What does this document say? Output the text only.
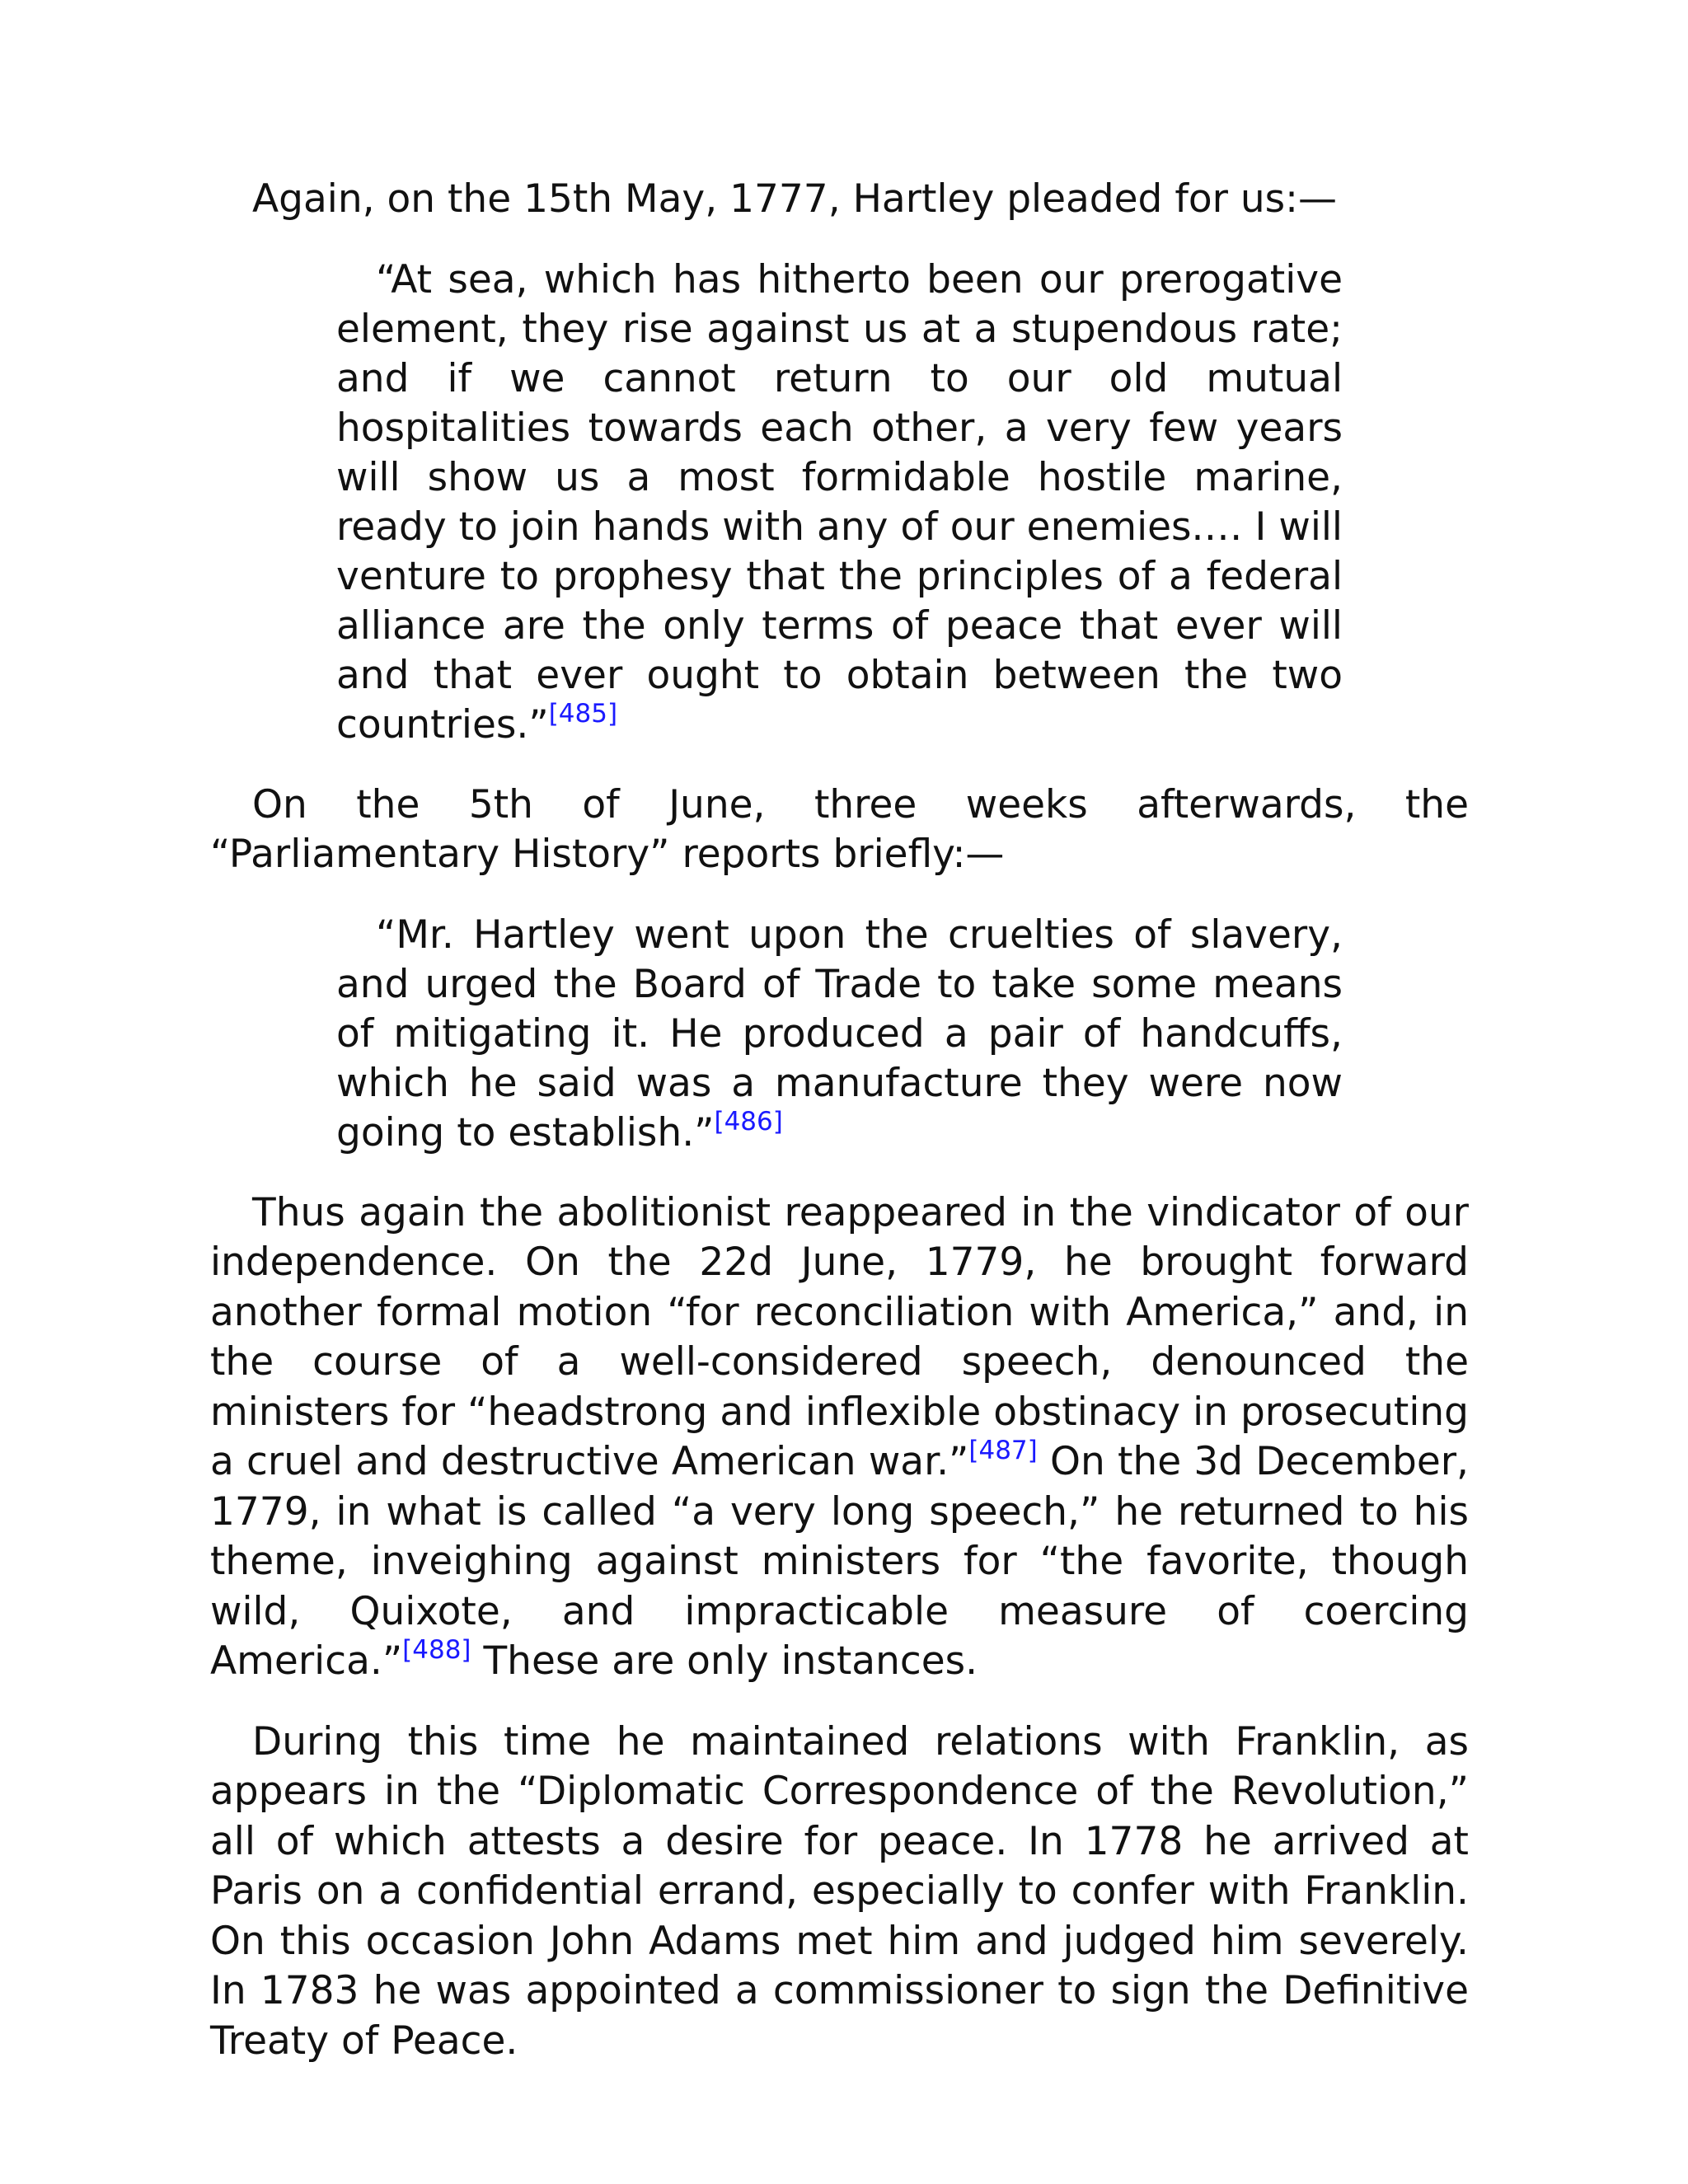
Again, on the 15th May, 1777, Hartley pleaded for us:—

“At sea, which has hitherto been our prerogative element, they rise against us at a stupendous rate; and if we cannot return to our old mutual hospitalities towards each other, a very few years will show us a most formidable hostile marine, ready to join hands with any of our enemies.… I will venture to prophesy that the principles of a federal alliance are the only terms of peace that ever will and that ever ought to obtain between the two countries.”[485]

On the 5th of June, three weeks afterwards, the “Parliamentary History” reports briefly:—

“Mr. Hartley went upon the cruelties of slavery, and urged the Board of Trade to take some means of mitigating it. He produced a pair of handcuffs, which he said was a manufacture they were now going to establish.”[486]

Thus again the abolitionist reappeared in the vindicator of our independence. On the 22d June, 1779, he brought forward another formal motion “for reconciliation with America,” and, in the course of a well-considered speech, denounced the ministers for “headstrong and inflexible obstinacy in prosecuting a cruel and destructive American war.”[487] On the 3d December, 1779, in what is called “a very long speech,” he returned to his theme, inveighing against ministers for “the favorite, though wild, Quixote, and impracticable measure of coercing America.”[488] These are only instances.

During this time he maintained relations with Franklin, as appears in the “Diplomatic Correspondence of the Revolution,” all of which attests a desire for peace. In 1778 he arrived at Paris on a confidential errand, especially to confer with Franklin. On this occasion John Adams met him and judged him severely. In 1783 he was appointed a commissioner to sign the Definitive Treaty of Peace.
